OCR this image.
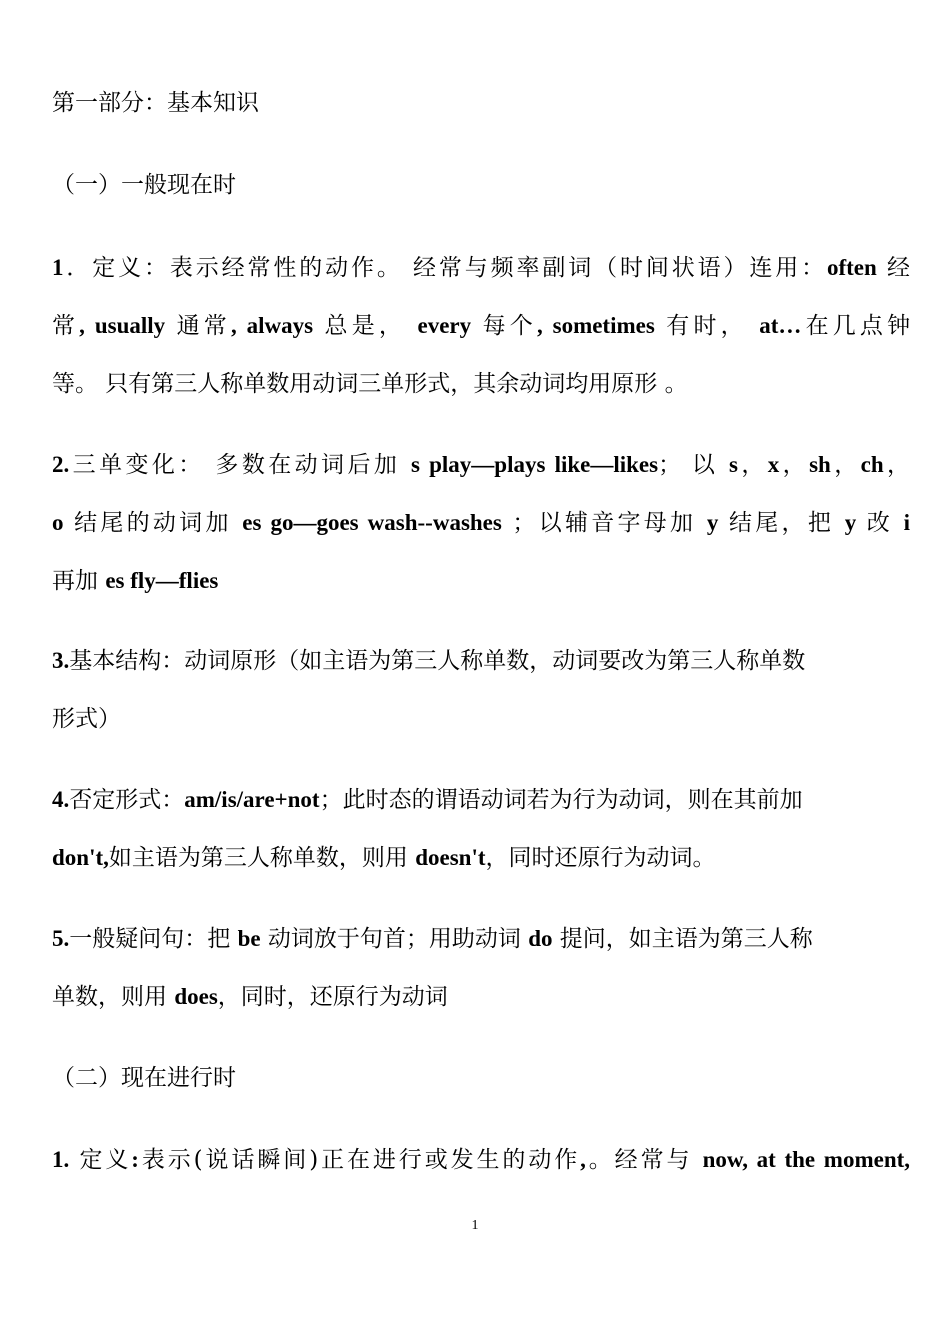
第一部分：基本知识
（一）一般现在时
1．定义：表示经常性的动作。 经常与频率副词（时间状语）连用：often 经
常, usually 通常, always 总是， every 每个, sometimes 有时， at…在几点钟
等。 只有第三人称单数用动词三单形式，其余动词均用原形 。
2.三单变化： 多数在动词后加 s play—plays like—likes； 以 s，x，sh，ch，
o 结尾的动词加 es go—goes wash--washes ；以辅音字母加 y 结尾，把 y 改 i
再加 es fly—flies
3.基本结构：动词原形（如主语为第三人称单数，动词要改为第三人称单数
形式）
4.否定形式：am/is/are+not；此时态的谓语动词若为行为动词，则在其前加
don't,如主语为第三人称单数，则用 doesn't，同时还原行为动词。
5.一般疑问句：把 be 动词放于句首；用助动词 do 提问，如主语为第三人称
单数，则用 does，同时，还原行为动词
（二）现在进行时
1. 定义:表示(说话瞬间)正在进行或发生的动作,。经常与 now, at the moment,
1
